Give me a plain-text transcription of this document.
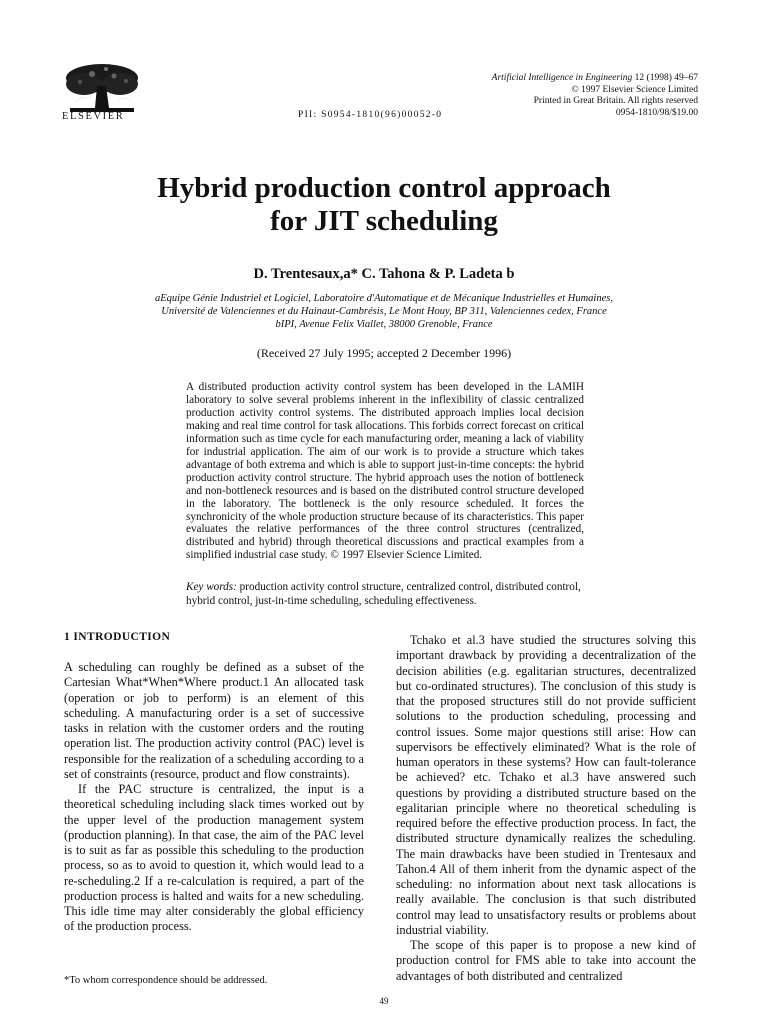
ELSEVIER	PII: S0954-1810(96)00052-0
Artificial Intelligence in Engineering 12 (1998) 49–67
© 1997 Elsevier Science Limited
Printed in Great Britain. All rights reserved
0954-1810/98/$19.00
Hybrid production control approach
for JIT scheduling
D. Trentesaux,a* C. Tahona & P. Ladeta b
aEquipe Génie Industriel et Logiciel, Laboratoire d'Automatique et de Mécanique Industrielles et Humaines,
Université de Valenciennes et du Hainaut-Cambrésis, Le Mont Houy, BP 311, Valenciennes cedex, France
bIPI, Avenue Felix Viallet, 38000 Grenoble, France
(Received 27 July 1995; accepted 2 December 1996)

A distributed production activity control system has been developed in the LAMIH laboratory to solve several problems inherent in the inflexibility of classic centralized production activity control systems. The distributed approach implies local decision making and real time control for task allocations. This forbids correct forecast on critical information such as time cycle for each manufacturing order, meaning a lack of viability for industrial application. The aim of our work is to provide a structure which takes advantage of both extrema and which is able to support just-in-time concepts: the hybrid production activity control structure. The hybrid approach uses the notion of bottleneck and non-bottleneck resources and is based on the distributed control structure developed in the laboratory. The bottleneck is the only resource scheduled. It forces the synchronicity of the whole production structure because of its characteristics. This paper evaluates the relative performances of the three control structures (centralized, distributed and hybrid) through theoretical discussions and practical examples from a simplified industrial case study. © 1997 Elsevier Science Limited.

Key words: production activity control structure, centralized control, distributed control, hybrid control, just-in-time scheduling, scheduling effectiveness.

1 INTRODUCTION

A scheduling can roughly be defined as a subset of the Cartesian What*When*Where product.1 An allocated task (operation or job to perform) is an element of this scheduling. A manufacturing order is a set of successive tasks in relation with the customer orders and the routing operation list. The production activity control (PAC) level is responsible for the realization of a scheduling according to a set of constraints (resource, product and flow constraints).

If the PAC structure is centralized, the input is a theoretical scheduling including slack times worked out by the upper level of the production management system (production planning). In that case, the aim of the PAC level is to suit as far as possible this scheduling to the production process, so as to avoid to question it, which would lead to a re-scheduling.2 If a re-calculation is required, a part of the production process is halted and waits for a new scheduling. This idle time may alter considerably the global efficiency of the production process.

Tchako et al.3 have studied the structures solving this important drawback by providing a decentralization of the decision abilities (e.g. egalitarian structures, decentralized but co-ordinated structures). The conclusion of this study is that the proposed structures still do not provide sufficient solutions to the production scheduling, processing and control issues. Some major questions still arise: How can supervisors be effectively eliminated? What is the role of human operators in these systems? How can fault-tolerance be achieved? etc. Tchako et al.3 have answered such questions by providing a distributed structure based on the egalitarian principle where no theoretical scheduling is required before the effective production process. In fact, the distributed structure dynamically realizes the scheduling. The main drawbacks have been studied in Trentesaux and Tahon.4 All of them inherit from the dynamic aspect of the scheduling: no information about next task allocations is really available. The conclusion is that such distributed control may lead to unsatisfactory results or problems about industrial viability.

The scope of this paper is to propose a new kind of production control for FMS able to take into account the advantages of both distributed and centralized

*To whom correspondence should be addressed.
49
